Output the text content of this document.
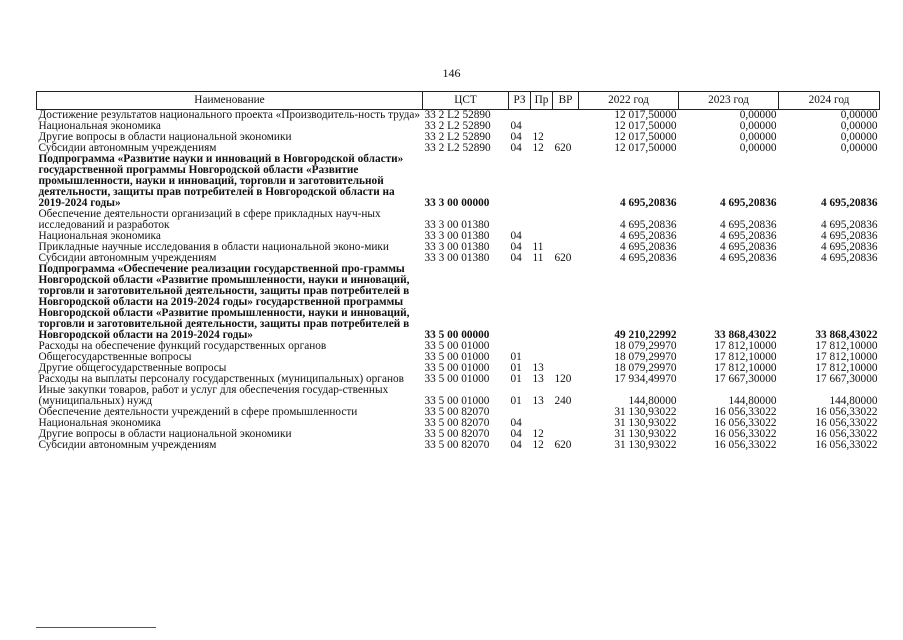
146
Наименование	ЦСТ	РЗ	Пр	ВР	2022 год	2023 год	2024 год
Достижение результатов национального проекта «Производитель-ность труда»	33 2 L2 52890				12 017,50000	0,00000	0,00000
Национальная экономика	33 2 L2 52890	04			12 017,50000	0,00000	0,00000
Другие вопросы в области национальной экономики	33 2 L2 52890	04	12		12 017,50000	0,00000	0,00000
Субсидии автономным учреждениям	33 2 L2 52890	04	12	620	12 017,50000	0,00000	0,00000
Подпрограмма «Развитие науки и инноваций в Новгородской области» государственной программы Новгородской области «Развитие промышленности, науки и инноваций, торговли и заготовительной деятельности, защиты прав потребителей в Новгородской области на 2019-2024 годы»	33 3 00 00000				4 695,20836	4 695,20836	4 695,20836
Обеспечение деятельности организаций в сфере прикладных науч-ных исследований и разработок	33 3 00 01380				4 695,20836	4 695,20836	4 695,20836
Национальная экономика	33 3 00 01380	04			4 695,20836	4 695,20836	4 695,20836
Прикладные научные исследования в области национальной эконо-мики	33 3 00 01380	04	11		4 695,20836	4 695,20836	4 695,20836
Субсидии автономным учреждениям	33 3 00 01380	04	11	620	4 695,20836	4 695,20836	4 695,20836
Подпрограмма «Обеспечение реализации государственной про-граммы Новгородской области «Развитие промышленности, науки и инноваций, торговли и заготовительной деятельности, защиты прав потребителей в Новгородской области на 2019-2024 годы» государственной программы Новгородской области «Развитие промышленности, науки и инноваций, торговли и заготовительной деятельности, защиты прав потребителей в Новгородской области на 2019-2024 годы»	33 5 00 00000				49 210,22992	33 868,43022	33 868,43022
Расходы на обеспечение функций государственных органов	33 5 00 01000				18 079,29970	17 812,10000	17 812,10000
Общегосударственные вопросы	33 5 00 01000	01			18 079,29970	17 812,10000	17 812,10000
Другие общегосударственные вопросы	33 5 00 01000	01	13		18 079,29970	17 812,10000	17 812,10000
Расходы на выплаты персоналу государственных (муниципальных) органов	33 5 00 01000	01	13	120	17 934,49970	17 667,30000	17 667,30000
Иные закупки товаров, работ и услуг для обеспечения государ-ственных (муниципальных) нужд	33 5 00 01000	01	13	240	144,80000	144,80000	144,80000
Обеспечение деятельности учреждений в сфере промышленности	33 5 00 82070				31 130,93022	16 056,33022	16 056,33022
Национальная экономика	33 5 00 82070	04			31 130,93022	16 056,33022	16 056,33022
Другие вопросы в области национальной экономики	33 5 00 82070	04	12		31 130,93022	16 056,33022	16 056,33022
Субсидии автономным учреждениям	33 5 00 82070	04	12	620	31 130,93022	16 056,33022	16 056,33022
